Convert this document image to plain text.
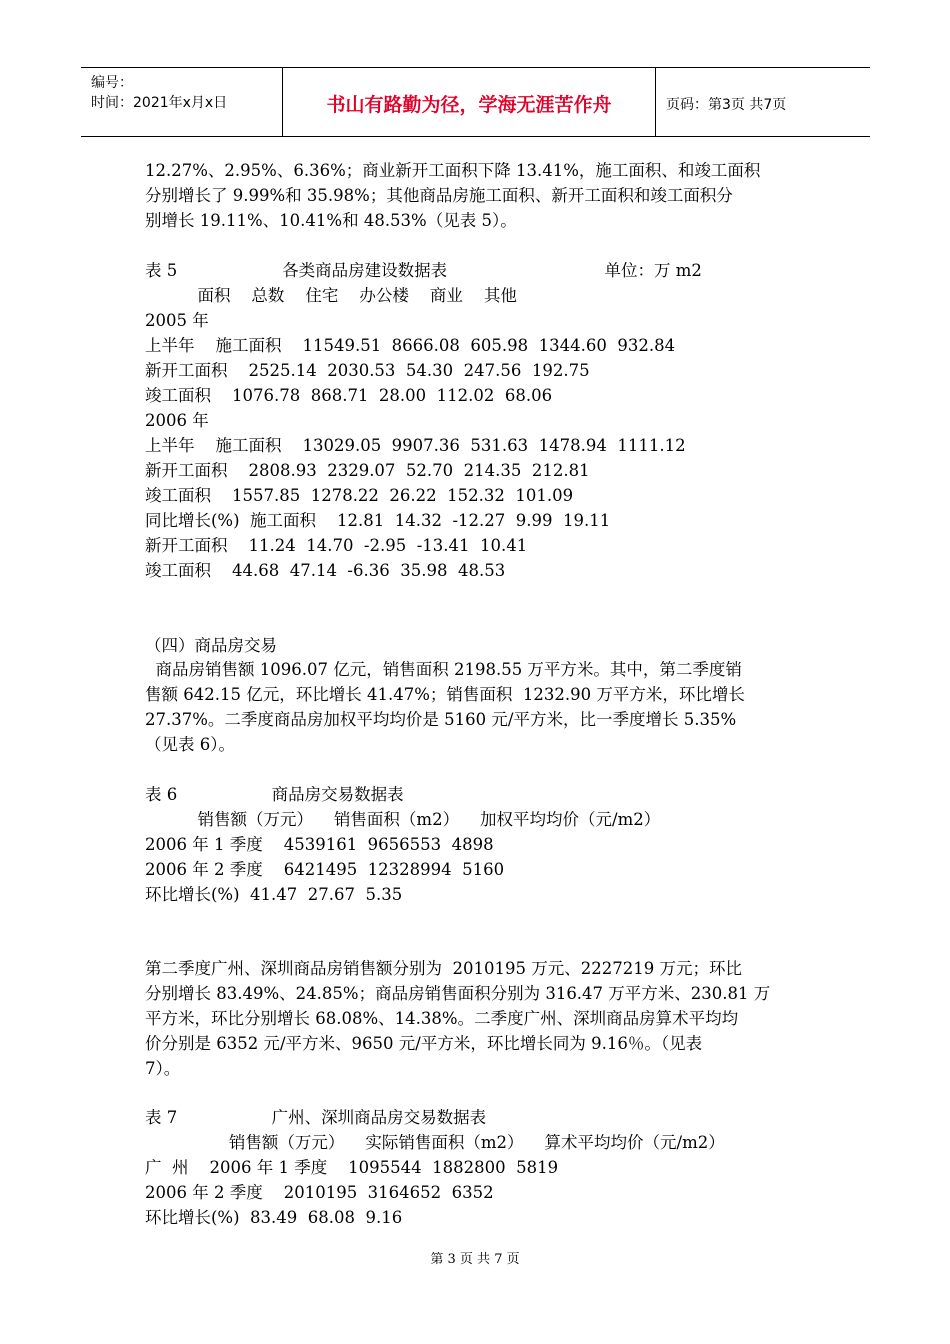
编号：
时间：2021年x月x日	书山有路勤为径，学海无涯苦作舟	页码：第3页 共7页
12.27%、2.95%、6.36%；商业新开工面积下降 13.41%，施工面积、和竣工面积
分别增长了 9.99%和 35.98%；其他商品房施工面积、新开工面积和竣工面积分
别增长 19.11%、10.41%和 48.53%（见表 5）。
表 5                    各类商品房建设数据表                              单位：万 m2
面积    总数    住宅    办公楼    商业    其他
2005 年
上半年    施工面积    11549.51  8666.08  605.98  1344.60  932.84
新开工面积    2525.14  2030.53  54.30  247.56  192.75
竣工面积    1076.78  868.71  28.00  112.02  68.06
2006 年
上半年    施工面积    13029.05  9907.36  531.63  1478.94  1111.12
新开工面积    2808.93  2329.07  52.70  214.35  212.81
竣工面积    1557.85  1278.22  26.22  152.32  101.09
同比增长(%)  施工面积    12.81  14.32  -12.27  9.99  19.11
新开工面积    11.24  14.70  -2.95  -13.41  10.41
竣工面积    44.68  47.14  -6.36  35.98  48.53
（四）商品房交易
商品房销售额 1096.07 亿元，销售面积 2198.55 万平方米。其中，第二季度销
售额 642.15 亿元，环比增长 41.47%；销售面积  1232.90 万平方米，环比增长
27.37%。二季度商品房加权平均均价是 5160 元/平方米，比一季度增长 5.35%
（见表 6）。
表 6                  商品房交易数据表
销售额（万元）    销售面积（m2）    加权平均均价（元/m2）
2006 年 1 季度    4539161  9656553  4898
2006 年 2 季度    6421495  12328994  5160
环比增长(%)  41.47  27.67  5.35
第二季度广州、深圳商品房销售额分别为  2010195 万元、2227219 万元；环比
分别增长 83.49%、24.85%；商品房销售面积分别为 316.47 万平方米、230.81 万
平方米，环比分别增长 68.08%、14.38%。二季度广州、深圳商品房算术平均均
价分别是 6352 元/平方米、9650 元/平方米，环比增长同为 9.16％。（见表
7）。
表 7                  广州、深圳商品房交易数据表
销售额（万元）    实际销售面积（m2）    算术平均均价（元/m2）
广  州    2006 年 1 季度    1095544  1882800  5819
2006 年 2 季度    2010195  3164652  6352
环比增长(%)  83.49  68.08  9.16
第 3 页 共 7 页
